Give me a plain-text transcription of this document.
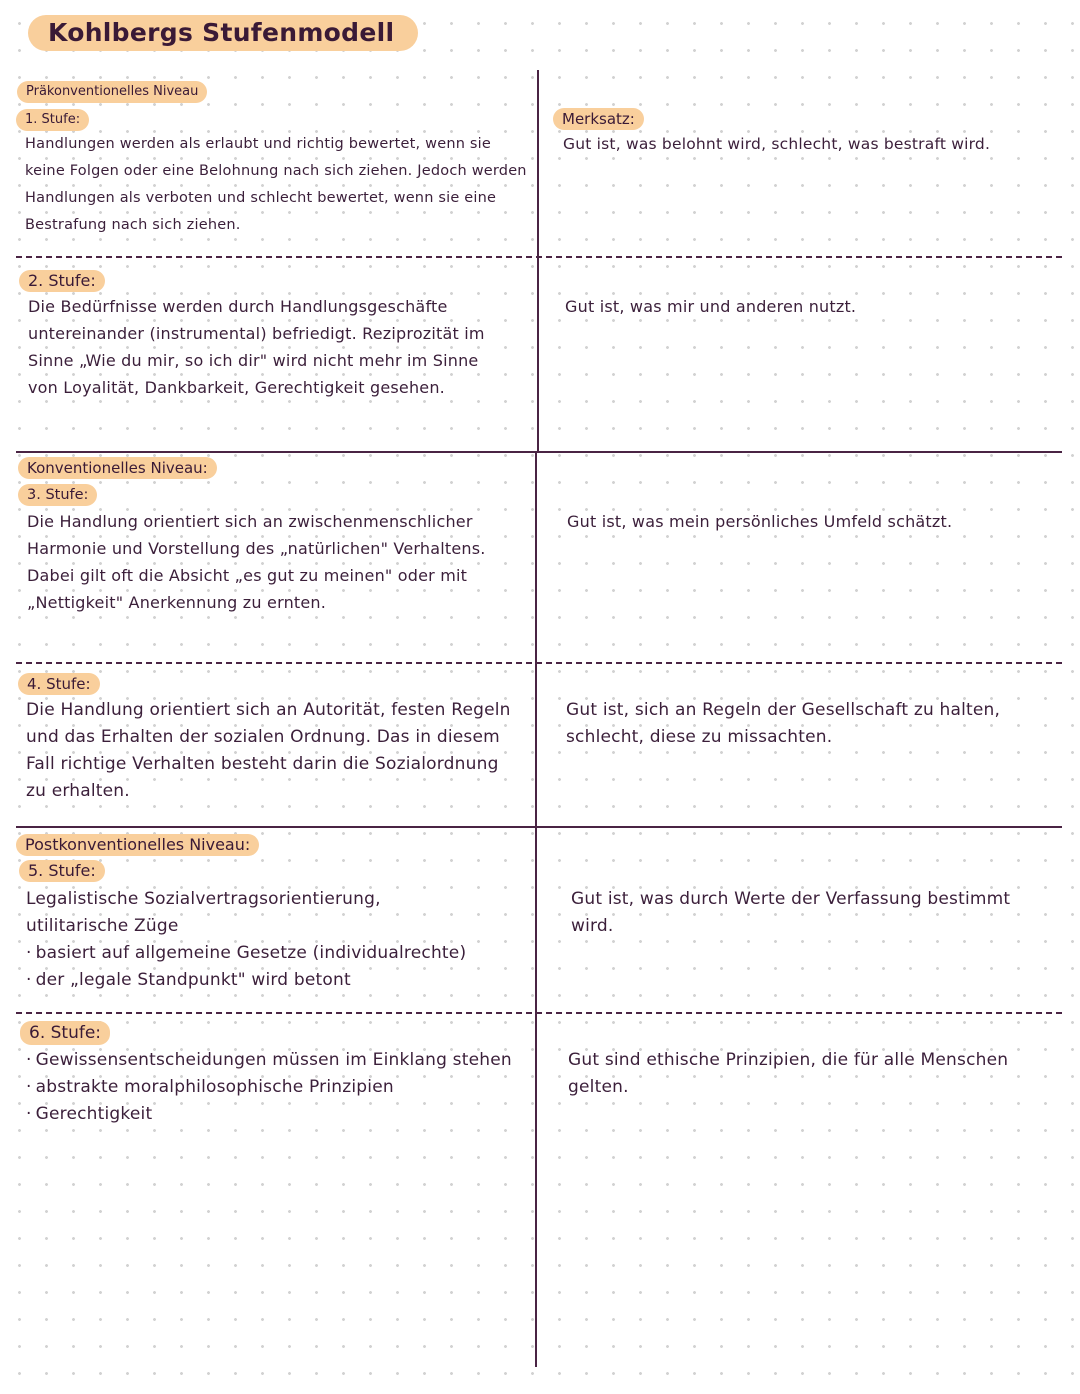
Kohlbergs Stufenmodell
Merksatz:
Präkonventionelles Niveau
1. Stufe:
Handlungen werden als erlaubt und richtig bewertet, wenn sie keine Folgen oder eine Belohnung nach sich ziehen. Jedoch werden Handlungen als verboten und schlecht bewertet, wenn sie eine Bestrafung nach sich ziehen.
Gut ist, was belohnt wird, schlecht, was bestraft wird.
2. Stufe:
Die Bedürfnisse werden durch Handlungsgeschäfte untereinander (instrumental) befriedigt. Reziprozität im Sinne „Wie du mir, so ich dir" wird nicht mehr im Sinne von Loyalität, Dankbarkeit, Gerechtigkeit gesehen.
Gut ist, was mir und anderen nutzt.
Konventionelles Niveau:
3. Stufe:
Die Handlung orientiert sich an zwischenmenschlicher Harmonie und Vorstellung des „natürlichen" Verhaltens. Dabei gilt oft die Absicht „es gut zu meinen" oder mit „Nettigkeit" Anerkennung zu ernten.
Gut ist, was mein persönliches Umfeld schätzt.
4. Stufe:
Die Handlung orientiert sich an Autorität, festen Regeln und das Erhalten der sozialen Ordnung. Das in diesem Fall richtige Verhalten besteht darin die Sozialordnung zu erhalten.
Gut ist, sich an Regeln der Gesellschaft zu halten, schlecht, diese zu missachten.
Postkonventionelles Niveau:
5. Stufe:

Legalistische Sozialvertragsorientierung, utilitarische Züge

· basiert auf allgemeine Gesetze (individualrechte)

· der „legale Standpunkt" wird betont

Gut ist, was durch Werte der Verfassung bestimmt wird.
6. Stufe:

· Gewissensentscheidungen müssen im Einklang stehen

· abstrakte moralphilosophische Prinzipien

· Gerechtigkeit

Gut sind ethische Prinzipien, die für alle Menschen gelten.
